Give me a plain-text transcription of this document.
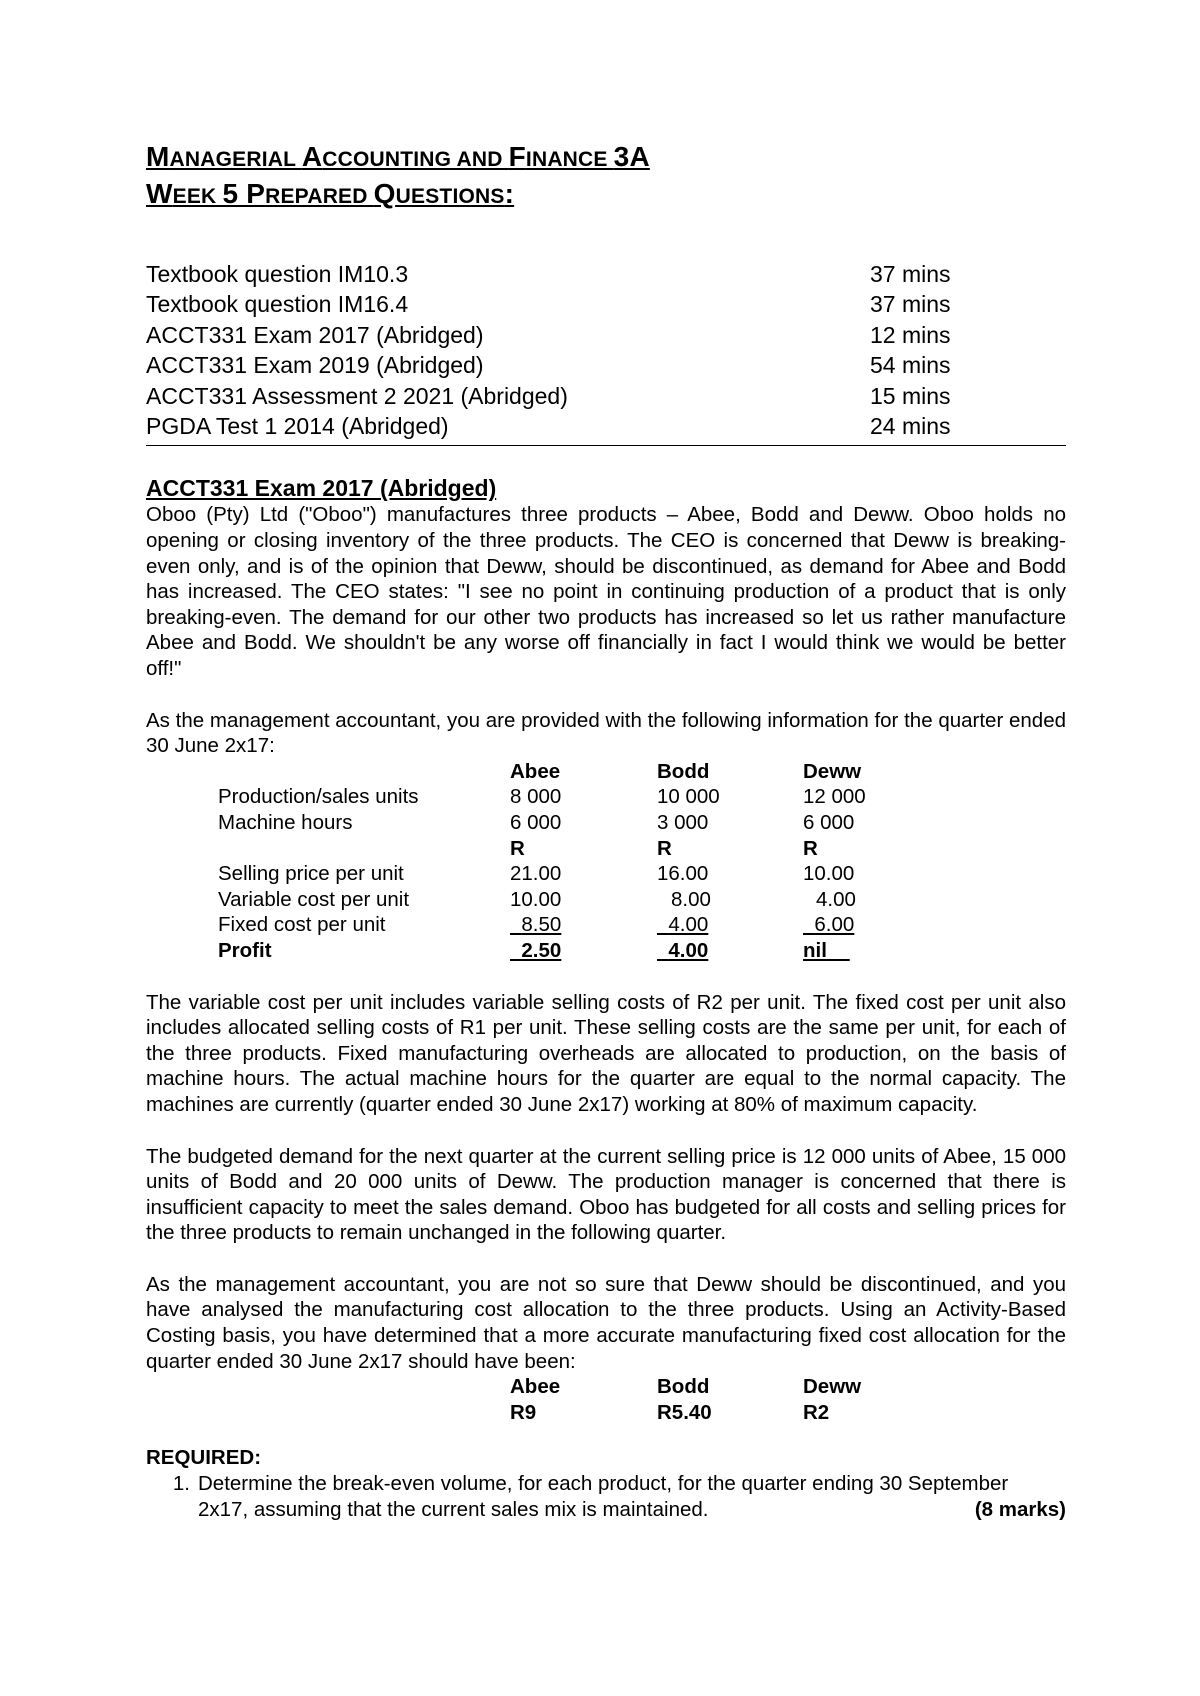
MANAGERIAL ACCOUNTING AND FINANCE 3A
WEEK 5 PREPARED QUESTIONS:
Textbook question IM10.3	37 mins
Textbook question IM16.4	37 mins
ACCT331 Exam 2017 (Abridged)	12 mins
ACCT331 Exam 2019 (Abridged)	54 mins
ACCT331 Assessment 2 2021 (Abridged)	15 mins
PGDA Test 1 2014 (Abridged)	24 mins
ACCT331 Exam 2017 (Abridged)

Oboo (Pty) Ltd ("Oboo") manufactures three products – Abee, Bodd and Deww. Oboo holds no opening or closing inventory of the three products. The CEO is concerned that Deww is breaking-even only, and is of the opinion that Deww, should be discontinued, as demand for Abee and Bodd has increased. The CEO states: "I see no point in continuing production of a product that is only breaking-even. The demand for our other two products has increased so let us rather manufacture Abee and Bodd. We shouldn't be any worse off financially in fact I would think we would be better off!"

As the management accountant, you are provided with the following information for the quarter ended 30 June 2x17:

	Abee	Bodd	Deww
Production/sales units	8 000	10 000	12 000
Machine hours	6 000	3 000	6 000
	R	R	R
Selling price per unit	21.00	16.00	10.00
Variable cost per unit	10.00	8.00	4.00
Fixed cost per unit	8.50	4.00	6.00
Profit	2.50	4.00	nil

The variable cost per unit includes variable selling costs of R2 per unit. The fixed cost per unit also includes allocated selling costs of R1 per unit. These selling costs are the same per unit, for each of the three products. Fixed manufacturing overheads are allocated to production, on the basis of machine hours. The actual machine hours for the quarter are equal to the normal capacity. The machines are currently (quarter ended 30 June 2x17) working at 80% of maximum capacity.

The budgeted demand for the next quarter at the current selling price is 12 000 units of Abee, 15 000 units of Bodd and 20 000 units of Deww. The production manager is concerned that there is insufficient capacity to meet the sales demand. Oboo has budgeted for all costs and selling prices for the three products to remain unchanged in the following quarter.

As the management accountant, you are not so sure that Deww should be discontinued, and you have analysed the manufacturing cost allocation to the three products. Using an Activity-Based Costing basis, you have determined that a more accurate manufacturing fixed cost allocation for the quarter ended 30 June 2x17 should have been:

	Abee	Bodd	Deww
	R9	R5.40	R2
REQUIRED:
1. Determine the break-even volume, for each product, for the quarter ending 30 September
2x17, assuming that the current sales mix is maintained.	(8 marks)
